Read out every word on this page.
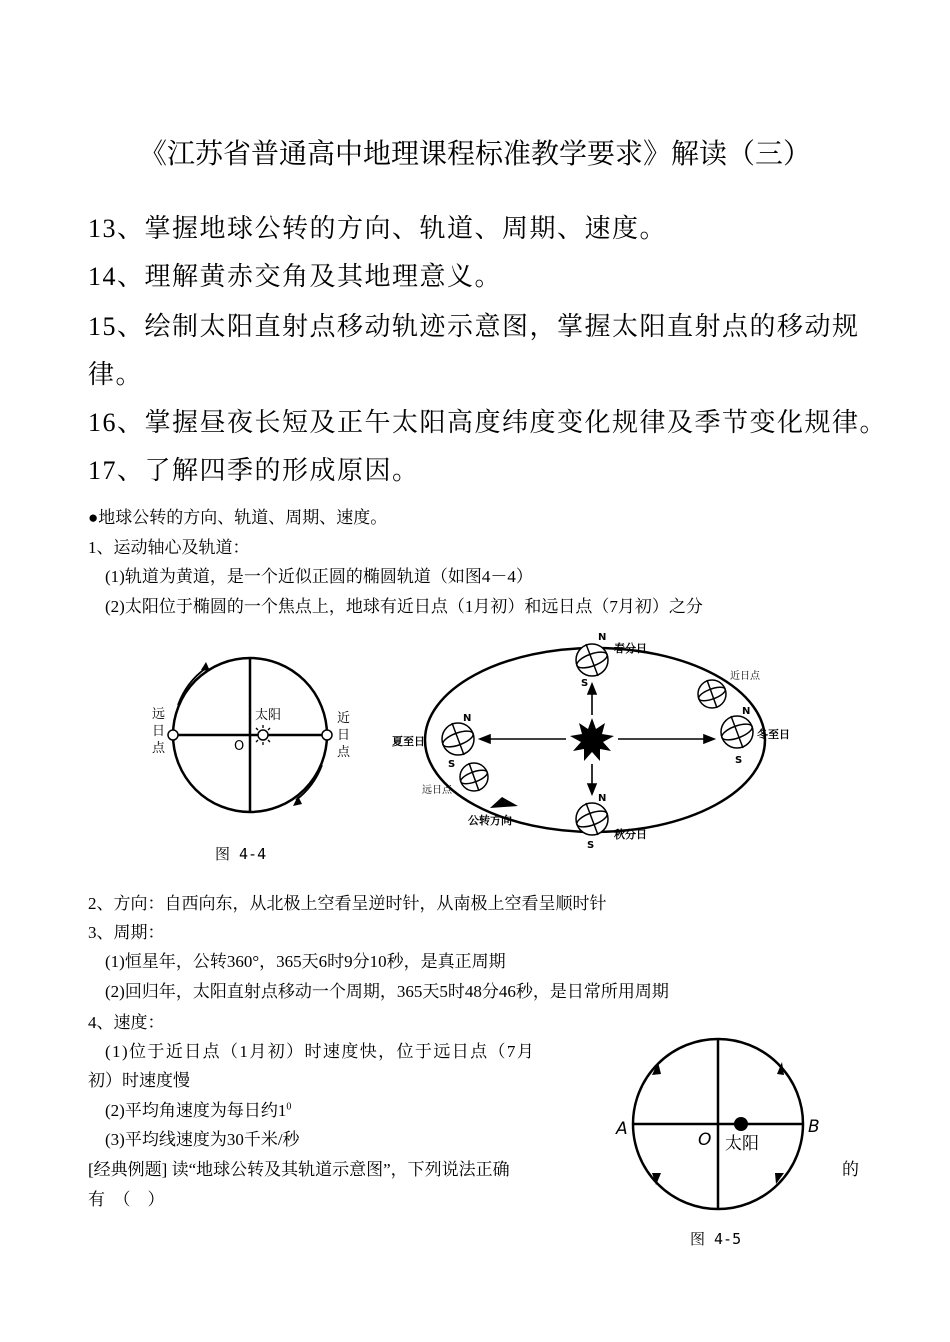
《江苏省普通高中地理课程标准教学要求》解读（三）
13、掌握地球公转的方向、轨道、周期、速度。
14、理解黄赤交角及其地理意义。
15、绘制太阳直射点移动轨迹示意图，掌握太阳直射点的移动规
律。
16、掌握昼夜长短及正午太阳高度纬度变化规律及季节变化规律。
17、了解四季的形成原因。
●地球公转的方向、轨道、周期、速度。
1、运动轴心及轨道：
(1)轨道为黄道，是一个近似正圆的椭圆轨道（如图4－4）
(2)太阳位于椭圆的一个焦点上，地球有近日点（1月初）和远日点（7月初）之分
远
日
点
近
日
点
太阳
O
图 4-4
N
S
N
S
N
S
N
S
春分日
夏至日
秋分日
冬至日
公转方向
近日点
远日点
2、方向：自西向东，从北极上空看呈逆时针，从南极上空看呈顺时针
3、周期：
(1)恒星年，公转360°，365天6时9分10秒，是真正周期
(2)回归年，太阳直射点移动一个周期，365天5时48分46秒，是日常所用周期
4、速度：
(1)位于近日点（1月初）时速度快，位于远日点（7月
初）时速度慢
(2)平均角速度为每日约$1^0$
(3)平均线速度为30千米/秒
[经典例题] 读“地球公转及其轨道示意图”，下列说法正确	的
有　（　）
A	B
O 太阳
图 4-5
